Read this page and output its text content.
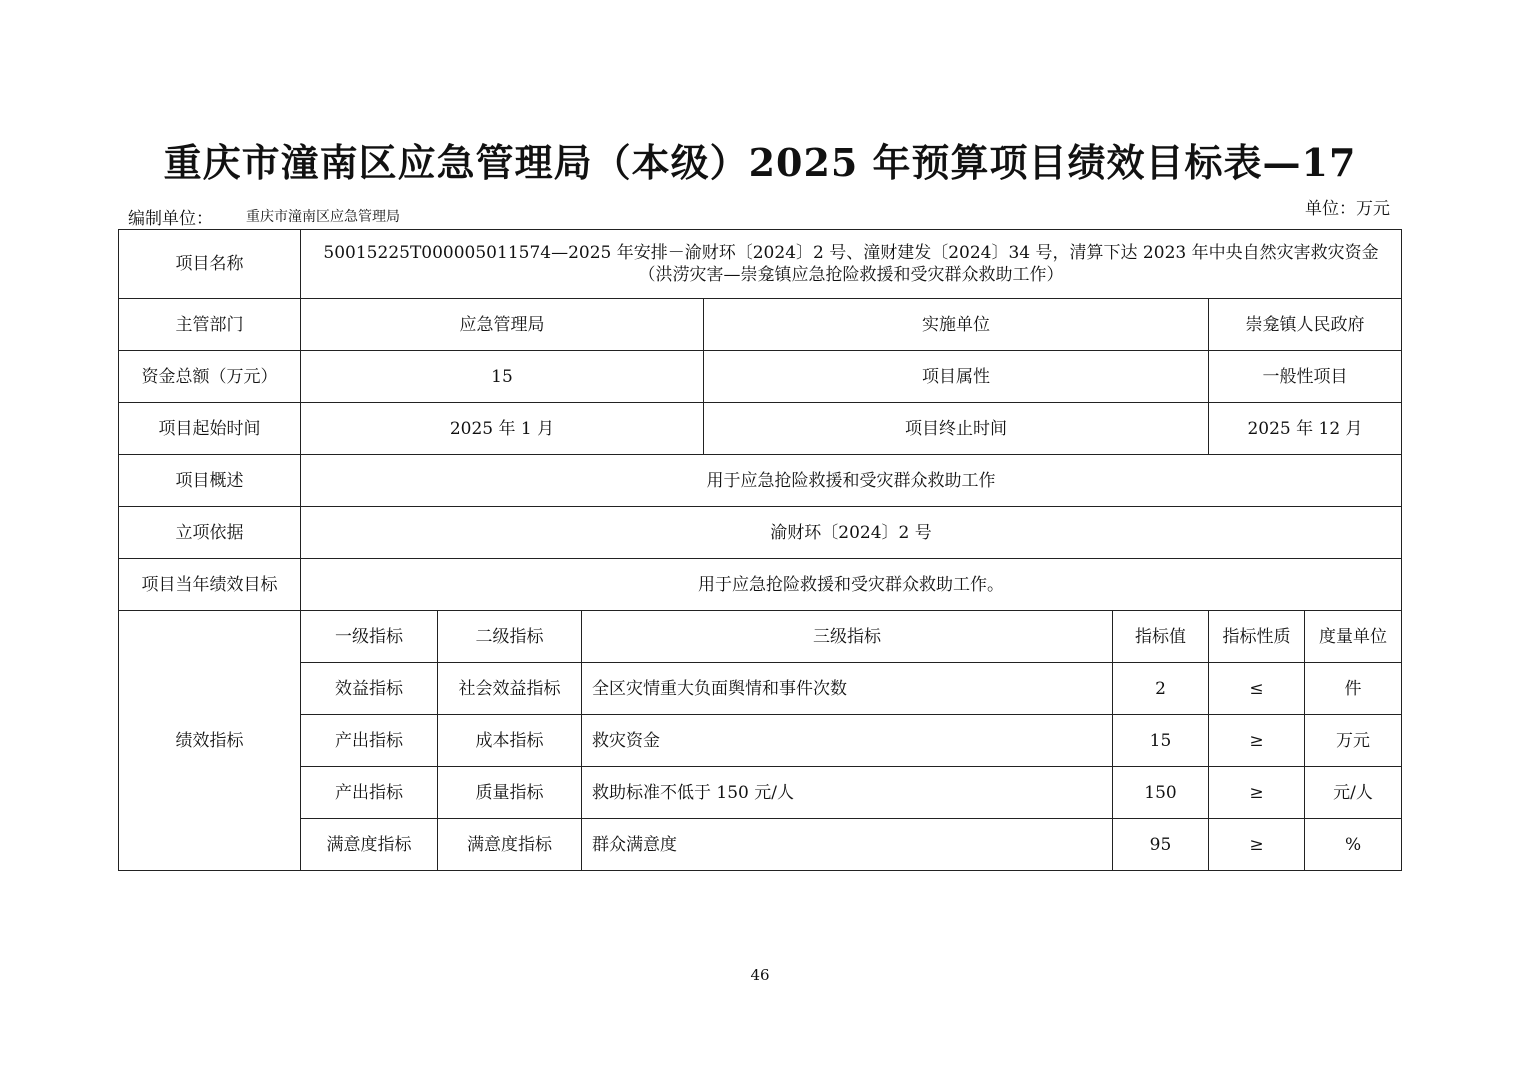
重庆市潼南区应急管理局（本级）2025 年预算项目绩效目标表—17
编制单位： 重庆市潼南区应急管理局	单位：万元
项目名称	50015225T000005011574—2025 年安排－渝财环〔2024〕2 号、潼财建发〔2024〕34 号，清算下达 2023 年中央自然灾害救灾资金
（洪涝灾害—崇龛镇应急抢险救援和受灾群众救助工作）						

主管部门	应急管理局			实施单位		崇龛镇人民政府	
资金总额（万元）	15			项目属性		一般性项目	
项目起始时间	2025 年 1 月			项目终止时间		2025 年 12 月	
项目概述	用于应急抢险救援和受灾群众救助工作						
立项依据	渝财环〔2024〕2 号						
项目当年绩效目标	用于应急抢险救援和受灾群众救助工作。						
绩效指标	一级指标	二级指标	三级指标		指标值	指标性质	度量单位
	效益指标	社会效益指标	全区灾情重大负面舆情和事件次数		2	≤	件
	产出指标	成本指标	救灾资金		15	≥	万元
	产出指标	质量指标	救助标准不低于 150 元/人		150	≥	元/人
	满意度指标	满意度指标	群众满意度		95	≥	%
46
